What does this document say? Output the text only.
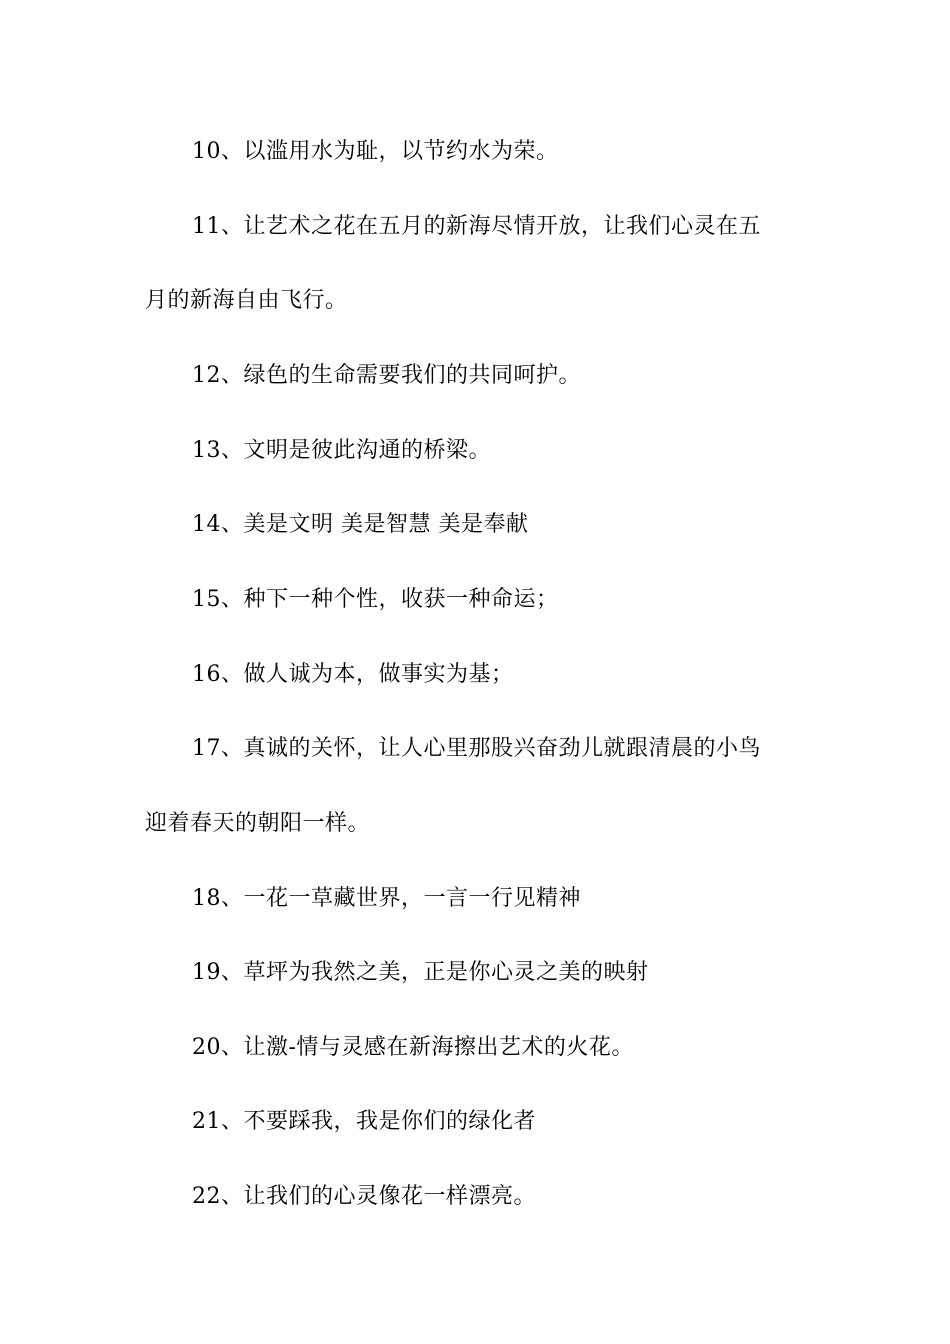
10、以滥用水为耻，以节约水为荣。
11、让艺术之花在五月的新海尽情开放，让我们心灵在五
月的新海自由飞行。
12、绿色的生命需要我们的共同呵护。
13、文明是彼此沟通的桥梁。
14、美是文明 美是智慧 美是奉献
15、种下一种个性，收获一种命运；
16、做人诚为本，做事实为基；
17、真诚的关怀，让人心里那股兴奋劲儿就跟清晨的小鸟
迎着春天的朝阳一样。
18、一花一草藏世界，一言一行见精神
19、草坪为我然之美，正是你心灵之美的映射
20、让激-情与灵感在新海擦出艺术的火花。
21、不要踩我，我是你们的绿化者
22、让我们的心灵像花一样漂亮。
